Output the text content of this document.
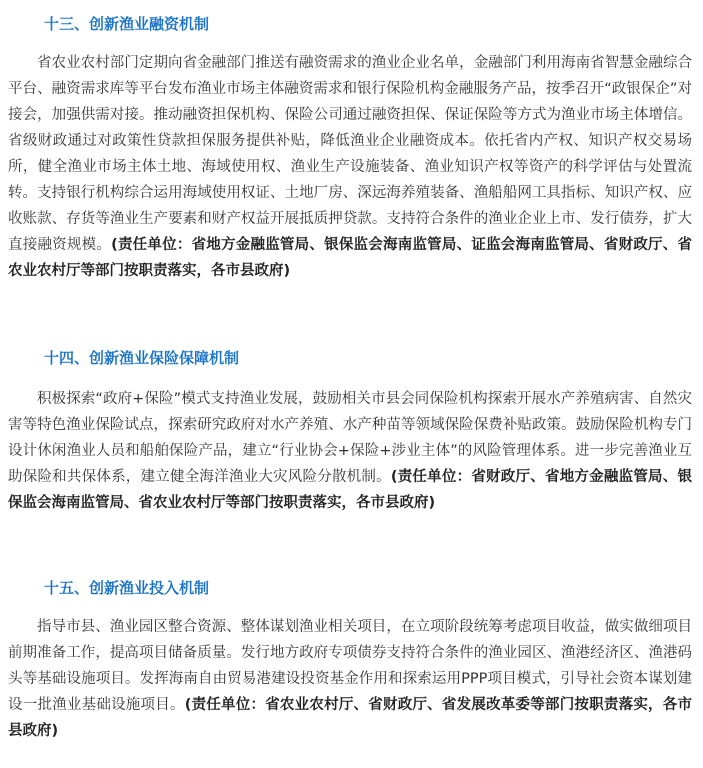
十三、创新渔业融资机制

省农业农村部门定期向省金融部门推送有融资需求的渔业企业名单，金融部门利用海南省智慧金融综合平台、融资需求库等平台发布渔业市场主体融资需求和银行保险机构金融服务产品，按季召开“政银保企”对接会，加强供需对接。推动融资担保机构、保险公司通过融资担保、保证保险等方式为渔业市场主体增信。省级财政通过对政策性贷款担保服务提供补贴，降低渔业企业融资成本。依托省内产权、知识产权交易场所，健全渔业市场主体土地、海域使用权、渔业生产设施装备、渔业知识产权等资产的科学评估与处置流转。支持银行机构综合运用海域使用权证、土地厂房、深远海养殖装备、渔船船网工具指标、知识产权、应收账款、存货等渔业生产要素和财产权益开展抵质押贷款。支持符合条件的渔业企业上市、发行债券，扩大直接融资规模。(责任单位：省地方金融监管局、银保监会海南监管局、证监会海南监管局、省财政厅、省农业农村厅等部门按职责落实，各市县政府)

十四、创新渔业保险保障机制

积极探索“政府+保险”模式支持渔业发展，鼓励相关市县会同保险机构探索开展水产养殖病害、自然灾害等特色渔业保险试点，探索研究政府对水产养殖、水产种苗等领域保险保费补贴政策。鼓励保险机构专门设计休闲渔业人员和船舶保险产品，建立“行业协会+保险+涉业主体”的风险管理体系。进一步完善渔业互助保险和共保体系，建立健全海洋渔业大灾风险分散机制。(责任单位：省财政厅、省地方金融监管局、银保监会海南监管局、省农业农村厅等部门按职责落实，各市县政府)

十五、创新渔业投入机制

指导市县、渔业园区整合资源、整体谋划渔业相关项目，在立项阶段统筹考虑项目收益，做实做细项目前期准备工作，提高项目储备质量。发行地方政府专项债券支持符合条件的渔业园区、渔港经济区、渔港码头等基础设施项目。发挥海南自由贸易港建设投资基金作用和探索运用PPP项目模式，引导社会资本谋划建设一批渔业基础设施项目。(责任单位：省农业农村厅、省财政厅、省发展改革委等部门按职责落实，各市县政府)
